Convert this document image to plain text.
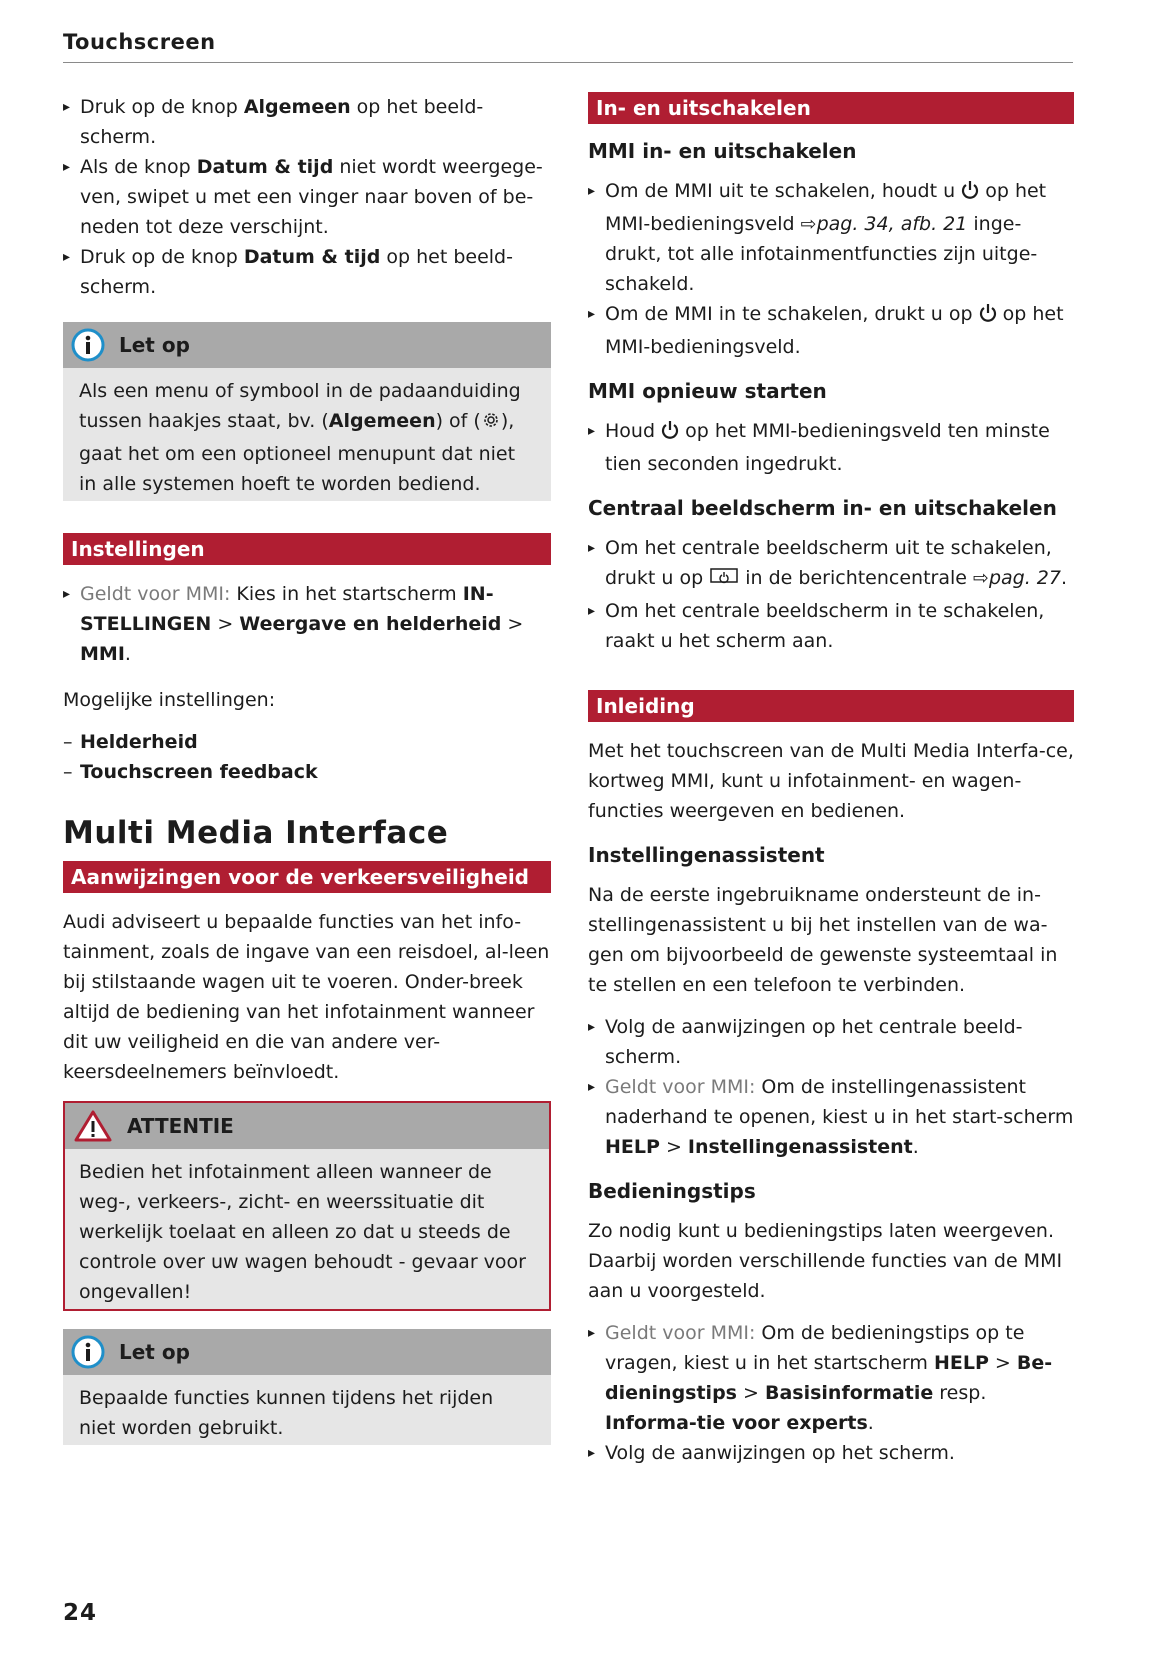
Touchscreen

▸ Druk op de knop Algemeen op het beeld-scherm.

▸ Als de knop Datum & tijd niet wordt weergege-ven, swipet u met een vinger naar boven of be-neden tot deze verschijnt.

▸ Druk op de knop Datum & tijd op het beeld-scherm.

Let op

Als een menu of symbool in de padaanduiding tussen haakjes staat, bv. (Algemeen) of ( ), gaat het om een optioneel menupunt dat niet in alle systemen hoeft te worden bediend.

Instellingen

▸ Geldt voor MMI: Kies in het startscherm IN-STELLINGEN > Weergave en helderheid > MMI.

Mogelijke instellingen:

– Helderheid

– Touchscreen feedback

Multi Media Interface
Aanwijzingen voor de verkeersveiligheid

Audi adviseert u bepaalde functies van het info-tainment, zoals de ingave van een reisdoel, al-leen bij stilstaande wagen uit te voeren. Onder-breek altijd de bediening van het infotainment wanneer dit uw veiligheid en die van andere ver-keersdeelnemers beïnvloedt.

ATTENTIE

Bedien het infotainment alleen wanneer de weg-, verkeers-, zicht- en weerssituatie dit werkelijk toelaat en alleen zo dat u steeds de controle over uw wagen behoudt - gevaar voor ongevallen!

Let op

Bepaalde functies kunnen tijdens het rijden niet worden gebruikt.

In- en uitschakelen

MMI in- en uitschakelen

▸ Om de MMI uit te schakelen, houdt u  op het MMI-bedieningsveld ⇨pag. 34, afb. 21 inge-drukt, tot alle infotainmentfuncties zijn uitge-schakeld.

▸ Om de MMI in te schakelen, drukt u op  op het MMI-bedieningsveld.

MMI opnieuw starten

▸ Houd  op het MMI-bedieningsveld ten minste tien seconden ingedrukt.

Centraal beeldscherm in- en uitschakelen

▸ Om het centrale beeldscherm uit te schakelen, drukt u op  in de berichtencentrale ⇨pag. 27.

▸ Om het centrale beeldscherm in te schakelen, raakt u het scherm aan.

Inleiding

Met het touchscreen van de Multi Media Interfa-ce, kortweg MMI, kunt u infotainment- en wagen-functies weergeven en bedienen.

Instellingenassistent

Na de eerste ingebruikname ondersteunt de in-stellingenassistent u bij het instellen van de wa-gen om bijvoorbeeld de gewenste systeemtaal in te stellen en een telefoon te verbinden.

▸ Volg de aanwijzingen op het centrale beeld-scherm.

▸ Geldt voor MMI: Om de instellingenassistent naderhand te openen, kiest u in het start-scherm HELP > Instellingenassistent.

Bedieningstips

Zo nodig kunt u bedieningstips laten weergeven. Daarbij worden verschillende functies van de MMI aan u voorgesteld.

▸ Geldt voor MMI: Om de bedieningstips op te vragen, kiest u in het startscherm HELP > Be-dieningstips > Basisinformatie resp. Informa-tie voor experts.

▸ Volg de aanwijzingen op het scherm.

24
